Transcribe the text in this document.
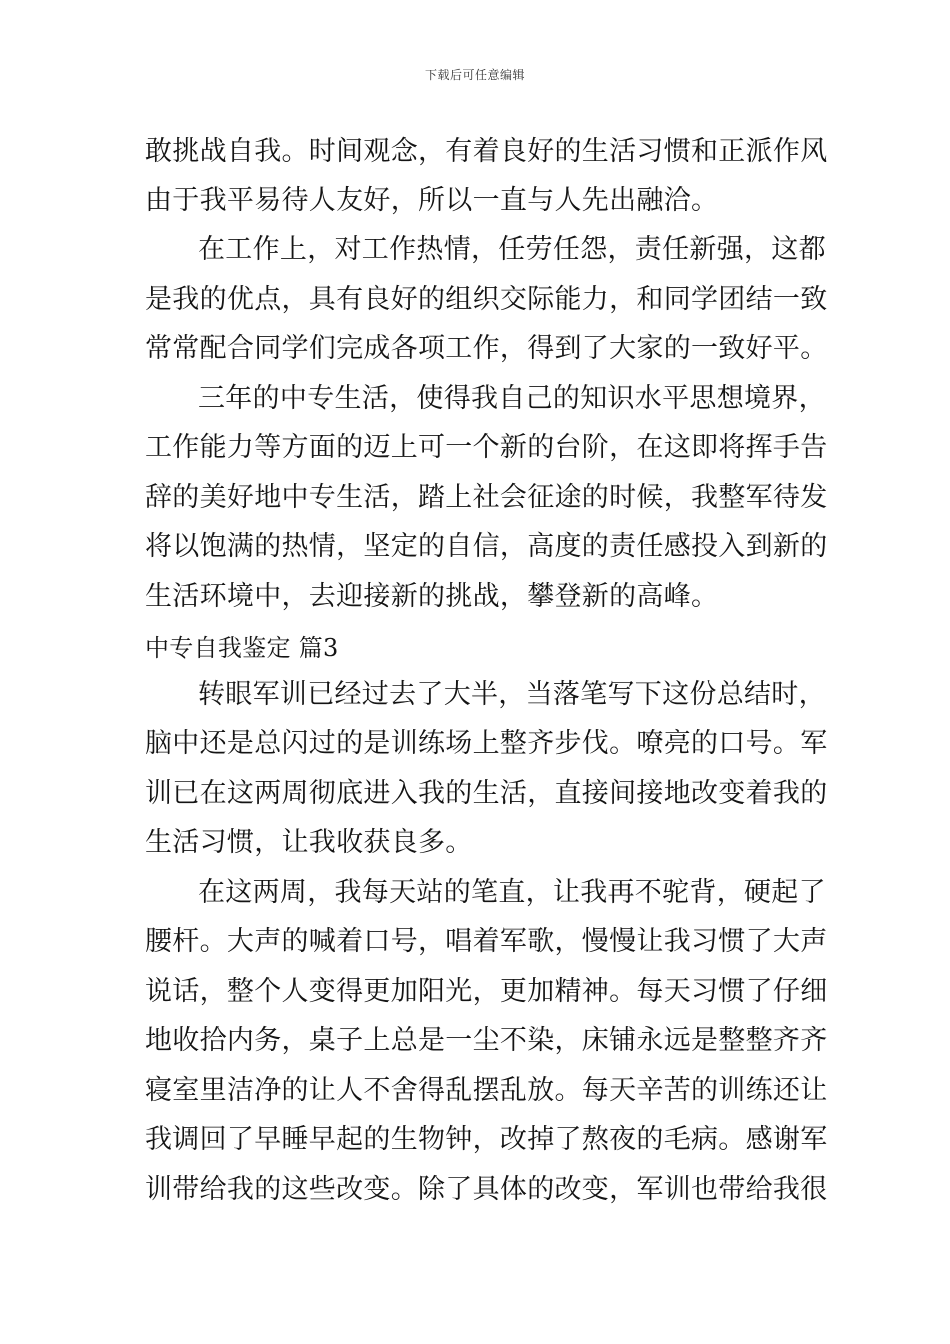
下载后可任意编辑
敢挑战自我。时间观念，有着良好的生活习惯和正派作风
由于我平易待人友好，所以一直与人先出融洽。
在工作上，对工作热情，任劳任怨，责任新强，这都
是我的优点，具有良好的组织交际能力，和同学团结一致
常常配合同学们完成各项工作，得到了大家的一致好平。
三年的中专生活，使得我自己的知识水平思想境界，
工作能力等方面的迈上可一个新的台阶，在这即将挥手告
辞的美好地中专生活，踏上社会征途的时候，我整军待发
将以饱满的热情，坚定的自信，高度的责任感投入到新的
生活环境中，去迎接新的挑战，攀登新的高峰。
中专自我鉴定 篇3
转眼军训已经过去了大半，当落笔写下这份总结时，
脑中还是总闪过的是训练场上整齐步伐。嘹亮的口号。军
训已在这两周彻底进入我的生活，直接间接地改变着我的
生活习惯，让我收获良多。
在这两周，我每天站的笔直，让我再不驼背，硬起了
腰杆。大声的喊着口号，唱着军歌，慢慢让我习惯了大声
说话，整个人变得更加阳光，更加精神。每天习惯了仔细
地收拾内务，桌子上总是一尘不染，床铺永远是整整齐齐
寝室里洁净的让人不舍得乱摆乱放。每天辛苦的训练还让
我调回了早睡早起的生物钟，改掉了熬夜的毛病。感谢军
训带给我的这些改变。除了具体的改变，军训也带给我很
